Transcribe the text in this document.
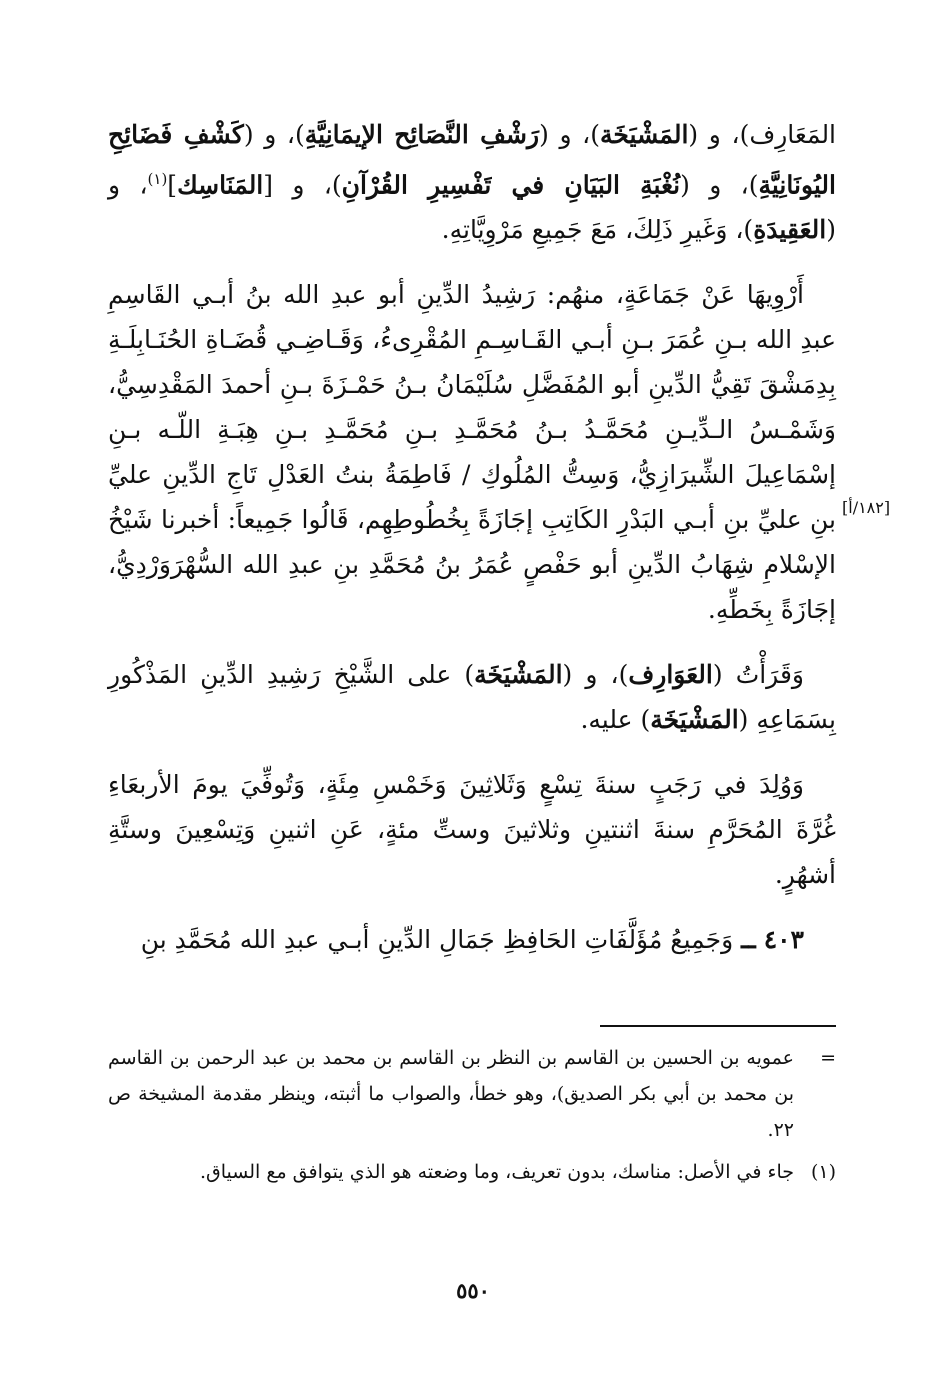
المَعَارِف)، و (المَشْيَخَة)، و (رَشْفِ النَّصَائِح الإيمَانِيَّةِ)، و (كَشْفِ فَضَائِحِ اليُونَانِيَّةِ)، و (نُغْبَةِ البَيَانِ في تَفْسِيرِ القُرْآنِ)، و [المَنَاسِك]$^{(١)}$، و (العَقِيدَةِ)، وَغَيرِ ذَلِكَ، مَعَ جَمِيعِ مَرْوِيَّاتِهِ.

أَرْوِيهَا عَنْ جَمَاعَةٍ، منهُم: رَشِيدُ الدِّينِ أبو عبدِ الله بنُ أبـي القَاسِمِ عبدِ الله بـنِ عُمَرَ بـنِ أبـي القَـاسِـمِ المُقْرِىءُ، وَقَـاضِـي قُضَـاةِ الحُنَـابِلَـةِ بِدِمَشْقَ تَقِيُّ الدِّينِ أبو المُفَضَّلِ سُلَيْمَانُ بـنُ حَمْـزَةَ بـنِ أحمدَ المَقْدِسِيُّ، وَشَمْـسُ الـدِّيـنِ مُحَمَّـدُ بـنُ مُحَمَّـدِ بـنِ مُحَمَّـدِ بـنِ هِبَـةِ اللّـه بـنِ إسْمَاعِيلَ الشِّيرَازِيُّ، وَسِتُّ المُلُوكِ / فَاطِمَةُ بنتُ العَدْلِ تَاجِ الدِّينِ عليِّ بنِ عليِّ بنِ أبـي البَدْرِ الكَاتِبِ إجَازَةً بِخُطُوطِهِم، قَالُوا جَمِيعاً: أخبرنا شَيْخُ الإسْلامِ شِهَابُ الدِّينِ أبو حَفْصٍ عُمَرُ بنُ مُحَمَّدِ بنِ عبدِ الله السُّهْرَوَرْدِيُّ، إجَازَةً بِخَطِّهِ.

وَقَرَأْتُ (العَوَارِف)، و (المَشْيَخَة) على الشَّيْخِ رَشِيدِ الدِّينِ المَذْكُورِ بِسَمَاعِهِ (المَشْيَخَة) عليه.

وَوُلِدَ في رَجَبٍ سنةَ تِسْعٍ وَثَلاثِينَ وَخَمْسِ مِئَةٍ، وَتُوفِّيَ يومَ الأربعَاءِ غُرَّةَ المُحَرَّمِ سنةَ اثنتينِ وثلاثينَ وستِّ مئةٍ، عَنِ اثنينِ وَتِسْعِينَ وستَّةِ أشهُرٍ.

٤٠٣ ــ وَجَمِيعُ مُؤَلَّفَاتِ الحَافِظِ جَمَالِ الدِّينِ أبـي عبدِ الله مُحَمَّدِ بنِ

[١٨٢/أ]
=
عمويه بن الحسين بن القاسم بن النظر بن القاسم بن محمد بن عبد الرحمن بن القاسم بن محمد بن أبي بكر الصديق)، وهو خطأ، والصواب ما أثبته، وينظر مقدمة المشيخة ص ٢٢.
(١)
جاء في الأصل: مناسك، بدون تعريف، وما وضعته هو الذي يتوافق مع السياق.
٥٥٠
